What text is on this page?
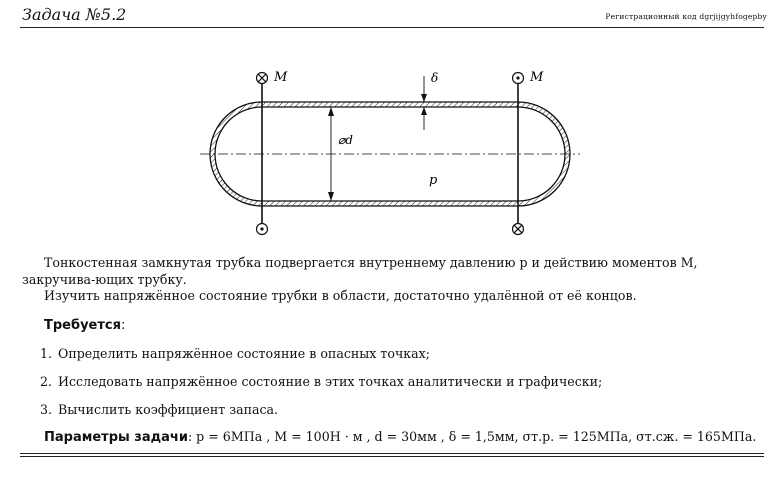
Задача №5.2	Регистрационный код dgrjijgyhfogepby
M	M
δ
⌀d
p
Тонкостенная замкнутая трубка подвергается внутреннему давлению p и действию моментов M, закручива-ющих трубку.
Изучить напряжённое состояние трубки в области, достаточно удалённой от её концов.
Требуется:
1. Определить напряжённое состояние в опасных точках;
2. Исследовать напряжённое состояние в этих точках аналитически и графически;
3. Вычислить коэффициент запаса.
Параметры задачи: p = 6МПа , M = 100Н · м , d = 30мм , δ = 1,5мм, σт.р. = 125МПа, σт.сж. = 165МПа.
